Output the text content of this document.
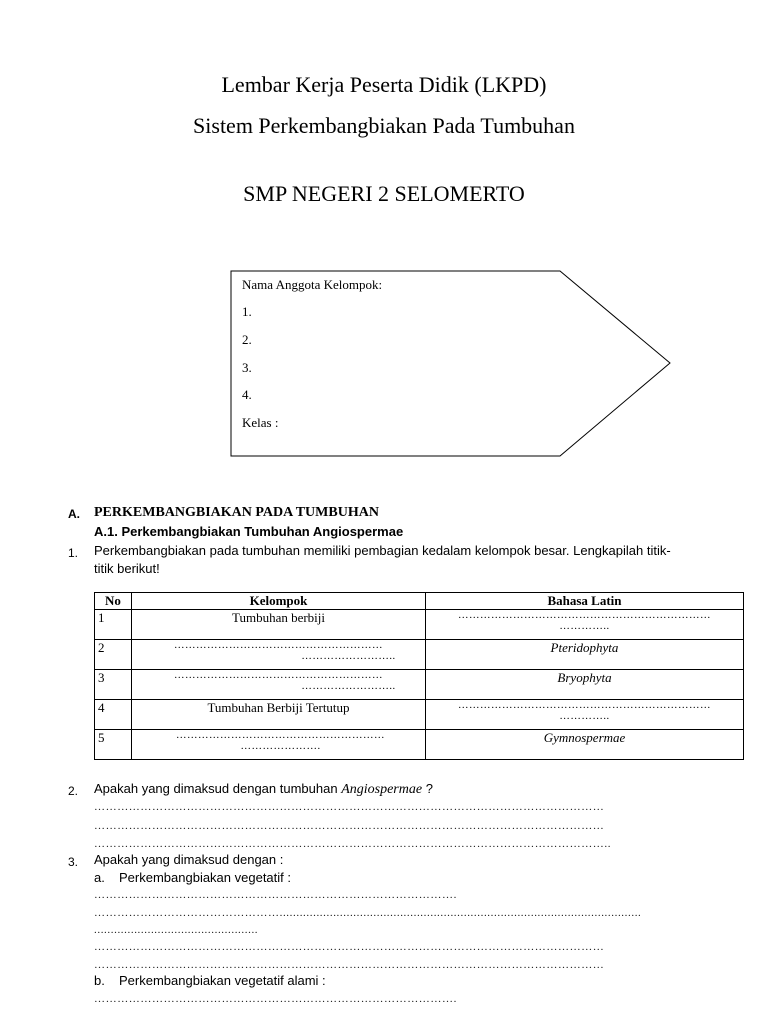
Lembar Kerja Peserta Didik (LKPD)
Sistem Perkembangbiakan Pada Tumbuhan
SMP NEGERI 2 SELOMERTO
Nama Anggota Kelompok:
1.
2.
3.
4.
Kelas :
A. PERKEMBANGBIAKAN PADA TUMBUHAN
A.1. Perkembangbiakan Tumbuhan Angiospermae
1. Perkembangbiakan pada tumbuhan memiliki pembagian kedalam kelompok besar. Lengkapilah titik-
titik berikut!
No	Kelompok	Bahasa Latin
1	Tumbuhan berbiji	……………………………………………………………
…………..

2	…………………………………………………
……………………..	Pteridophyta
3	…………………………………………………
……………………..	Bryophyta
4	Tumbuhan Berbiji Tertutup	……………………………………………………………
…………..

5	…………………………………………………
………………….	Gymnospermae
2. Apakah yang dimaksud dengan tumbuhan Angiospermae ?
……………………………………………………………………………………………………………………
……………………………………………………………………………………………………………………
……………………………………………………………………………………………………………………..
3. Apakah yang dimaksud dengan :
a. Perkembangbiakan vegetatif :
………………………………………………………………………………….
…………………………………………............................................................................................................
.................................................
……………………………………………………………………………………………………………………
……………………………………………………………………………………………………………………
b. Perkembangbiakan vegetatif alami :
………………………………………………………………………………….
